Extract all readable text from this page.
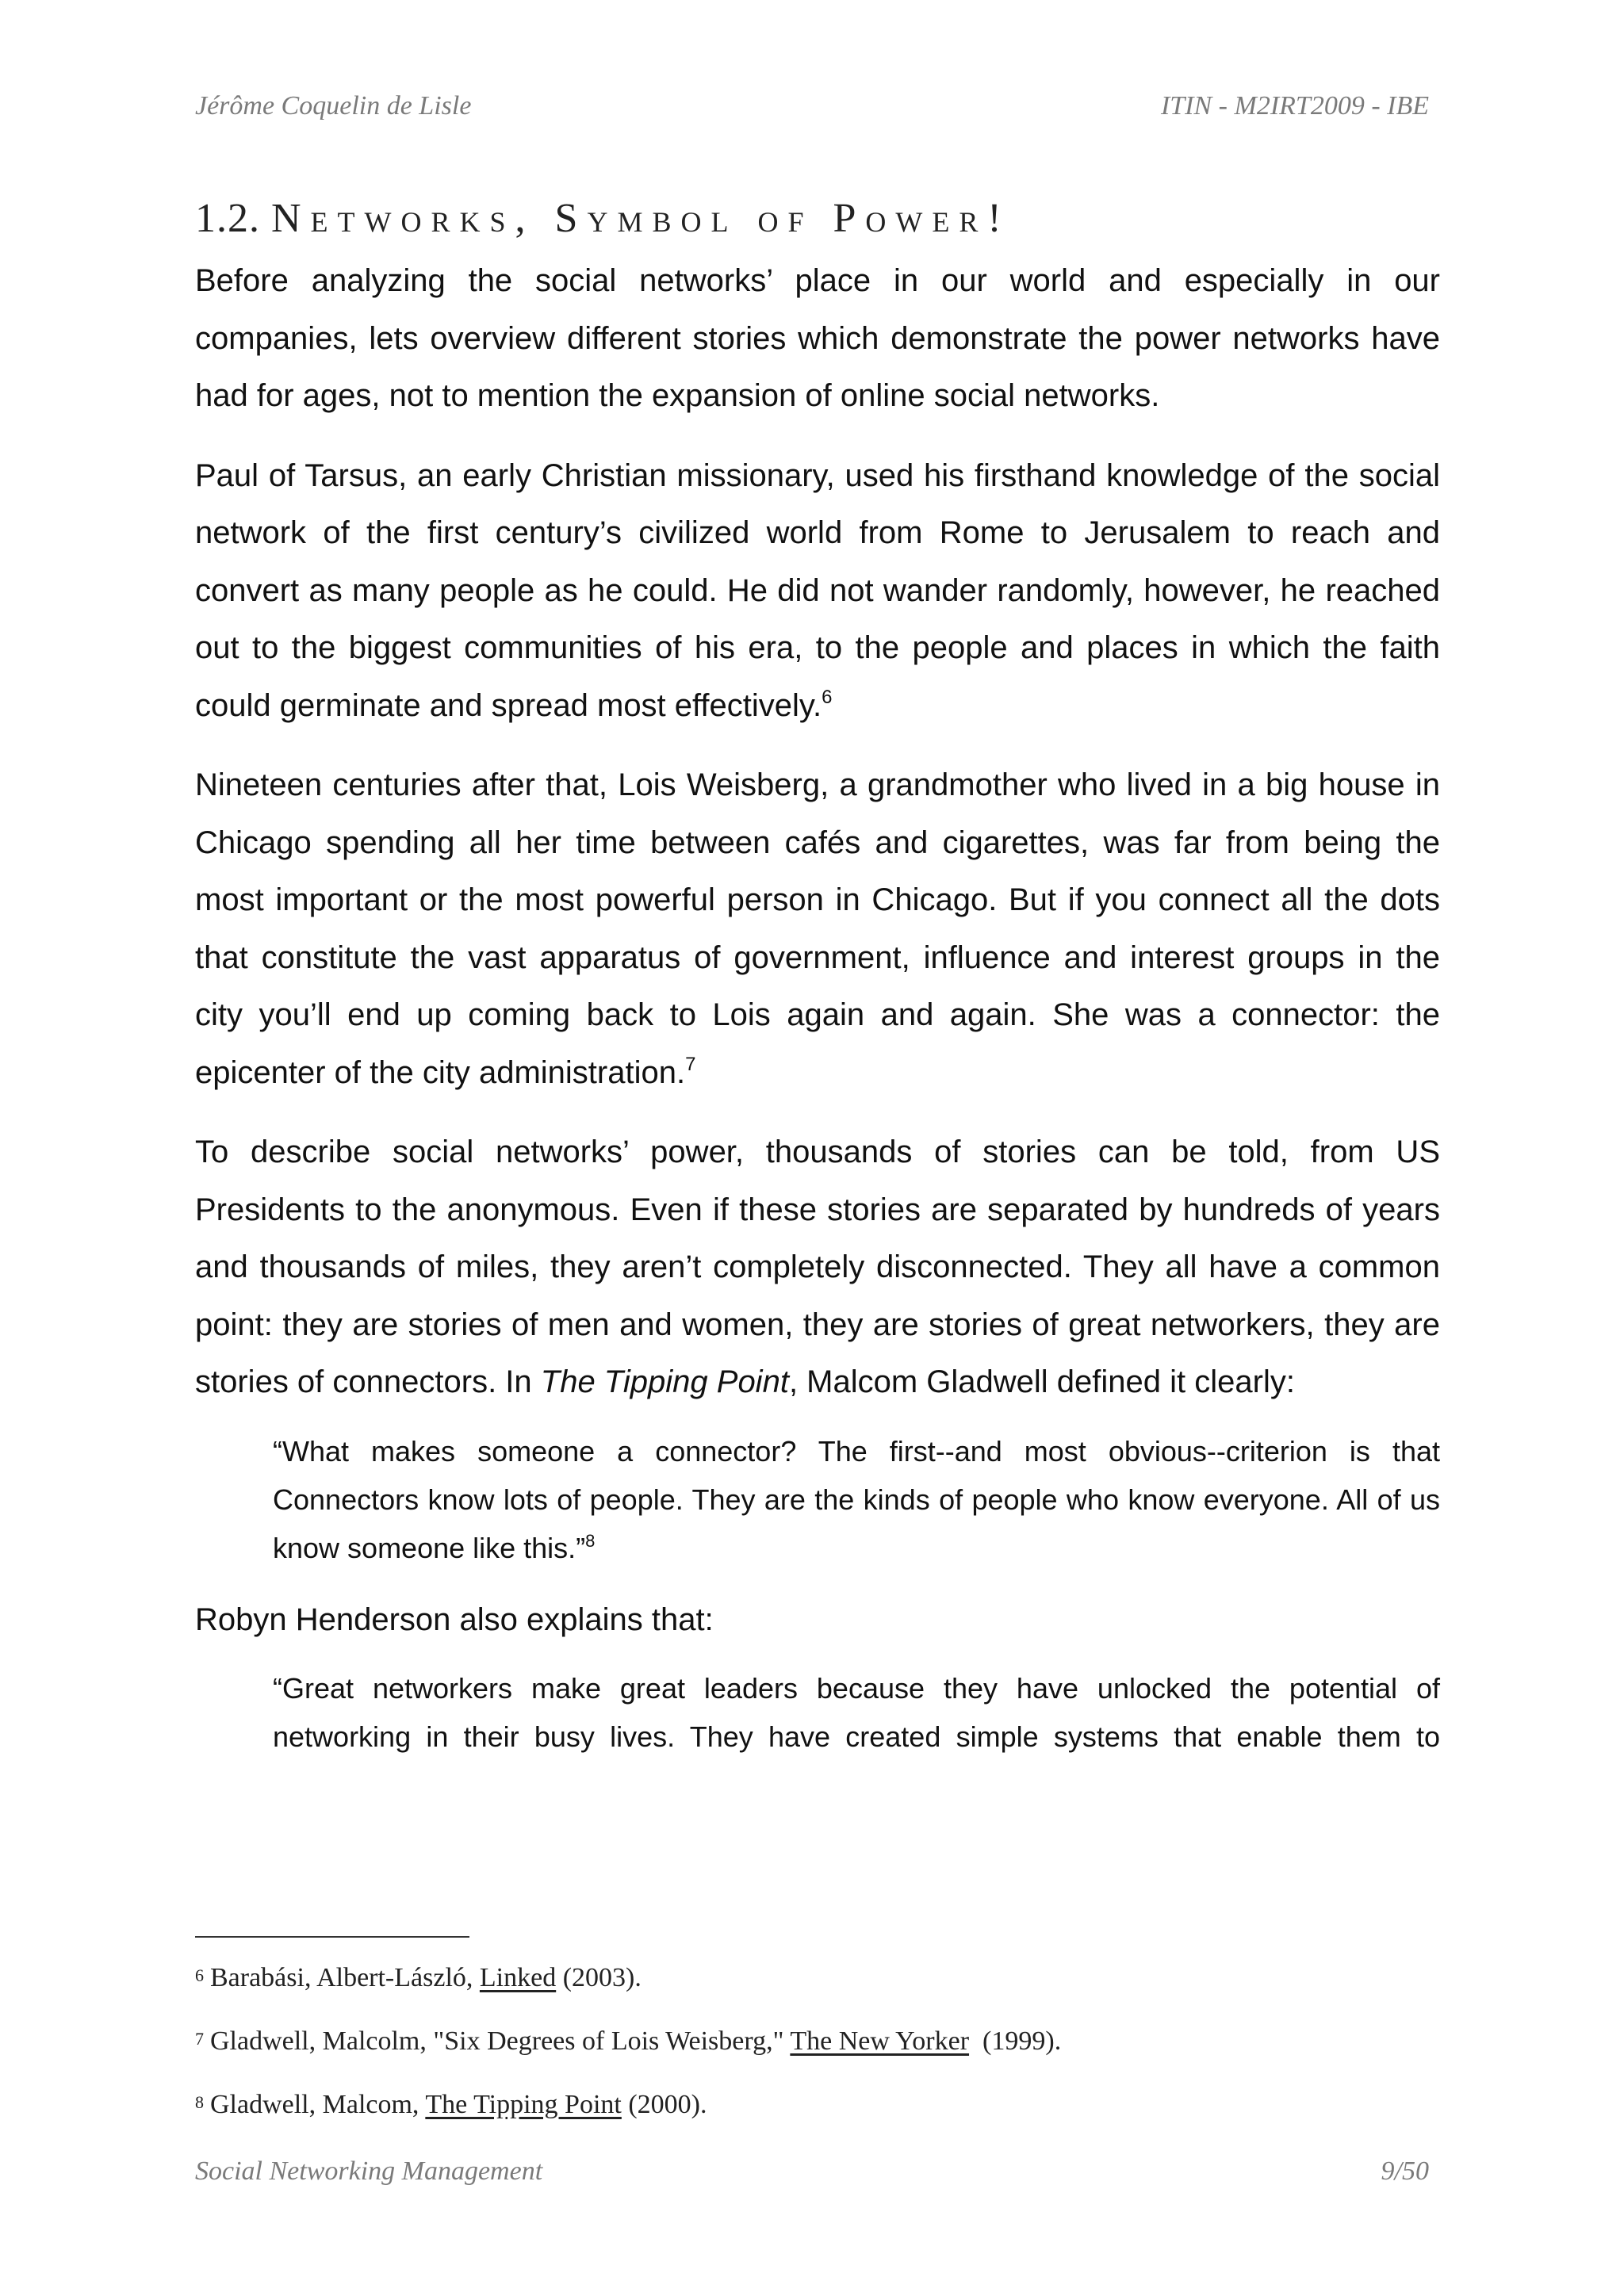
Jérôme Coquelin de Lisle	ITIN - M2IRT2009 - IBE
1.2. Networks, Symbol of Power!

Before analyzing the social networks’ place in our world and especially in our companies, lets overview different stories which demonstrate the power networks have had for ages, not to mention the expansion of online social networks.

Paul of Tarsus, an early Christian missionary, used his firsthand knowledge of the social network of the first century’s civilized world from Rome to Jerusalem to reach and convert as many people as he could. He did not wander randomly, however, he reached out to the biggest communities of his era, to the people and places in which the faith could germinate and spread most effectively.$^6$

Nineteen centuries after that, Lois Weisberg, a grandmother who lived in a big house in Chicago spending all her time between cafés and cigarettes, was far from being the most important or the most powerful person in Chicago. But if you connect all the dots that constitute the vast apparatus of government, influence and interest groups in the city you’ll end up coming back to Lois again and again. She was a connector: the epicenter of the city administration.$^7$

To describe social networks’ power, thousands of stories can be told, from US Presidents to the anonymous. Even if these stories are separated by hundreds of years and thousands of miles, they aren’t completely disconnected. They all have a common point: they are stories of men and women, they are stories of great networkers, they are stories of connectors. In The Tipping Point, Malcom Gladwell defined it clearly:

“What makes someone a connector? The first--and most obvious--criterion is that Connectors know lots of people. They are the kinds of people who know everyone. All of us know someone like this.”$^8$

Robyn Henderson also explains that:

“Great networkers make great leaders because they have unlocked the potential of networking in their busy lives. They have created simple systems that enable them to

6 Barabási, Albert-László, Linked (2003).
7 Gladwell, Malcolm, "Six Degrees of Lois Weisberg," The New Yorker  (1999).
8 Gladwell, Malcom, The Tipping Point (2000).
Social Networking Management	9/50
